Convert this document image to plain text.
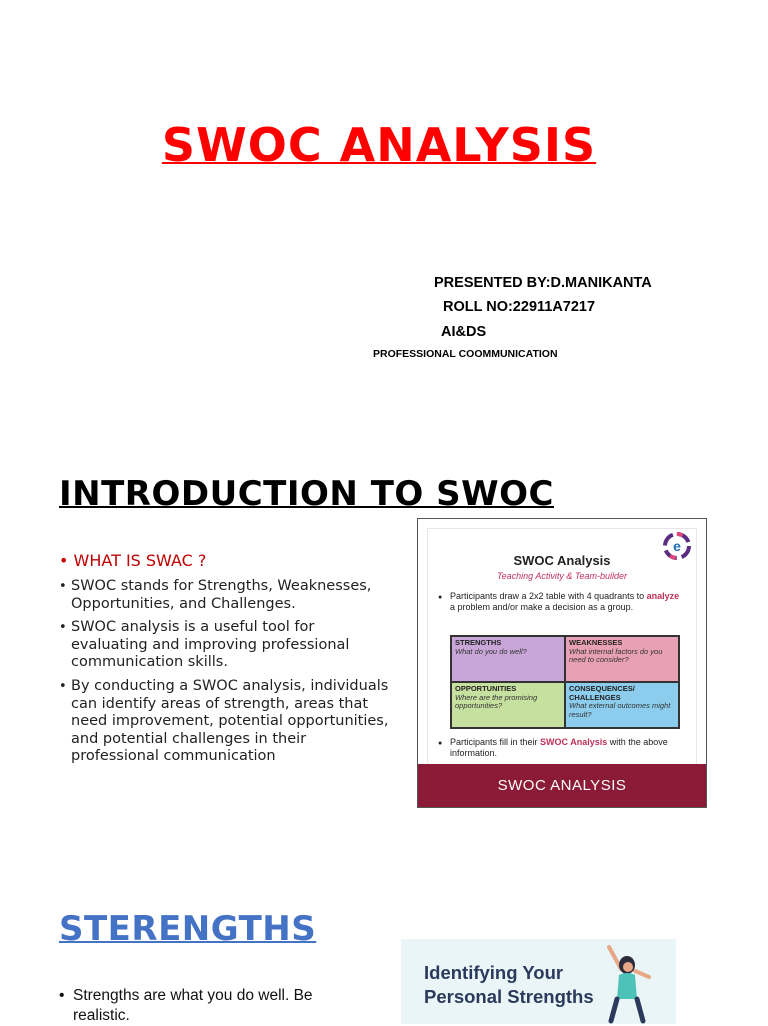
SWOC ANALYSIS
PRESENTED BY:D.MANIKANTA
ROLL NO:22911A7217
AI&DS
PROFESSIONAL COOMMUNICATION
INTRODUCTION TO SWOC
• WHAT IS SWAC ?
• SWOC stands for Strengths, Weaknesses, Opportunities, and Challenges.
• SWOC analysis is a useful tool for evaluating and improving professional communication skills.
• By conducting a SWOC analysis, individuals can identify areas of strength, areas that need improvement, potential opportunities, and potential challenges in their professional communication
e
SWOC Analysis
Teaching Activity & Team-builder
● Participants draw a 2x2 table with 4 quadrants to analyze a problem and/or make a decision as a group.
STRENGTHS
What do you do well?
WEAKNESSES
What internal factors do you need to consider?
OPPORTUNITIES
Where are the promising opportunities?
CONSEQUENCES/ CHALLENGES
What external outcomes might result?
● Participants fill in their SWOC Analysis with the above information.
SWOC ANALYSIS
STERENGTHS
• Strengths are what you do well. Be realistic.
Identifying Your
Personal Strengths
